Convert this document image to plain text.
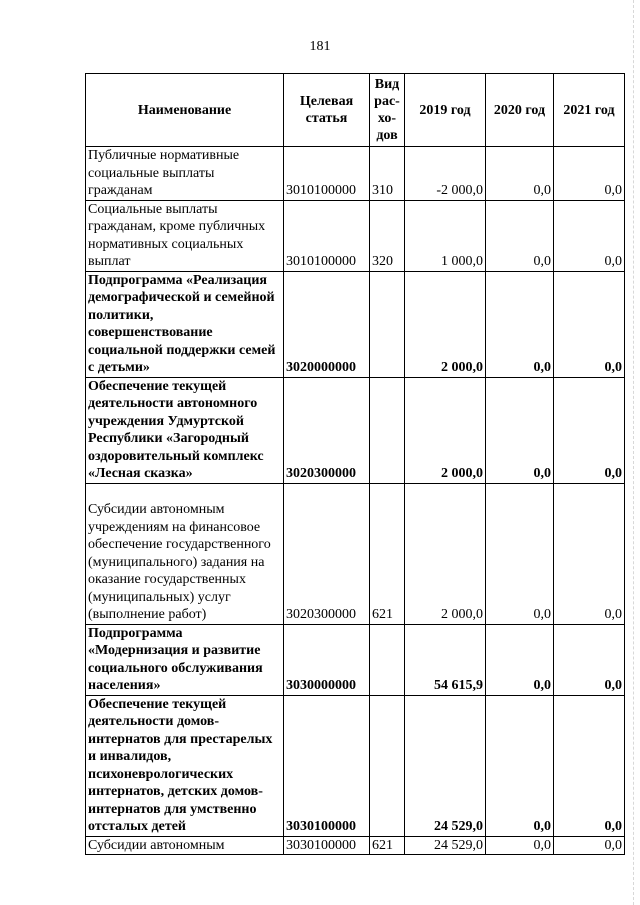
181
Наименование	Целевая статья	Вид рас- хо- дов	2019 год	2020 год	2021 год
Публичные нормативные социальные выплаты гражданам	3010100000	310	-2 000,0	0,0	0,0
Социальные выплаты гражданам, кроме публичных нормативных социальных выплат	3010100000	320	1 000,0	0,0	0,0
Подпрограмма «Реализация демографической и семейной политики, совершенствование социальной поддержки семей с детьми»	3020000000		2 000,0	0,0	0,0
Обеспечение текущей деятельности автономного учреждения Удмуртской Республики «Загородный оздоровительный комплекс «Лесная сказка»	3020300000		2 000,0	0,0	0,0
Субсидии автономным учреждениям на финансовое обеспечение государственного (муниципального) задания на оказание государственных (муниципальных) услуг (выполнение работ)	3020300000	621	2 000,0	0,0	0,0
Подпрограмма «Модернизация и развитие социального обслуживания населения»	3030000000		54 615,9	0,0	0,0
Обеспечение текущей деятельности домов-интернатов для престарелых и инвалидов, психоневрологических интернатов, детских домов-интернатов для умственно отсталых детей	3030100000		24 529,0	0,0	0,0
Субсидии автономным	3030100000	621	24 529,0	0,0	0,0
